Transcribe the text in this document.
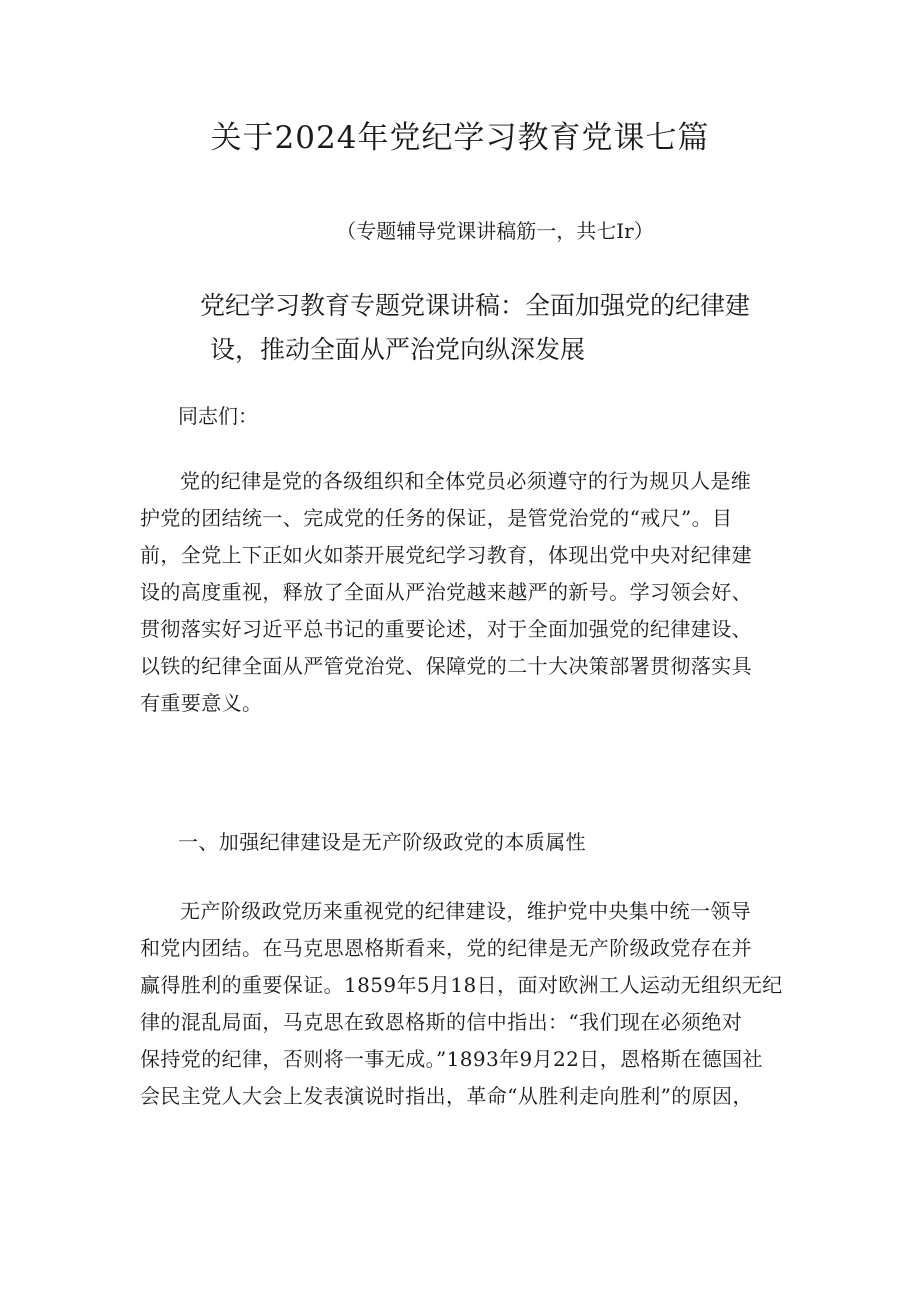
关于2024年党纪学习教育党课七篇

（专题辅导党课讲稿筋一，共七Ir）

党纪学习教育专题党课讲稿：全面加强党的纪律建
设，推动全面从严治党向纵深发展

同志们：

党的纪律是党的各级组织和全体党员必须遵守的行为规贝人是维
护党的团结统一、完成党的任务的保证，是管党治党的“戒尺”。目
前，全党上下正如火如荼开展党纪学习教育，体现出党中央对纪律建
设的高度重视，释放了全面从严治党越来越严的新号。学习领会好、
贯彻落实好习近平总书记的重要论述，对于全面加强党的纪律建设、
以铁的纪律全面从严管党治党、保障党的二十大决策部署贯彻落实具
有重要意义。
一、加强纪律建设是无产阶级政党的本质属性
无产阶级政党历来重视党的纪律建设，维护党中央集中统一领导
和党内团结。在马克思恩格斯看来，党的纪律是无产阶级政党存在并
赢得胜利的重要保证。1859年5月18日，面对欧洲工人运动无组织无纪
律的混乱局面，马克思在致恩格斯的信中指出：“我们现在必须绝对
保持党的纪律，否则将一事无成。”1893年9月22日，恩格斯在德国社
会民主党人大会上发表演说时指出，革命“从胜利走向胜利”的原因，
